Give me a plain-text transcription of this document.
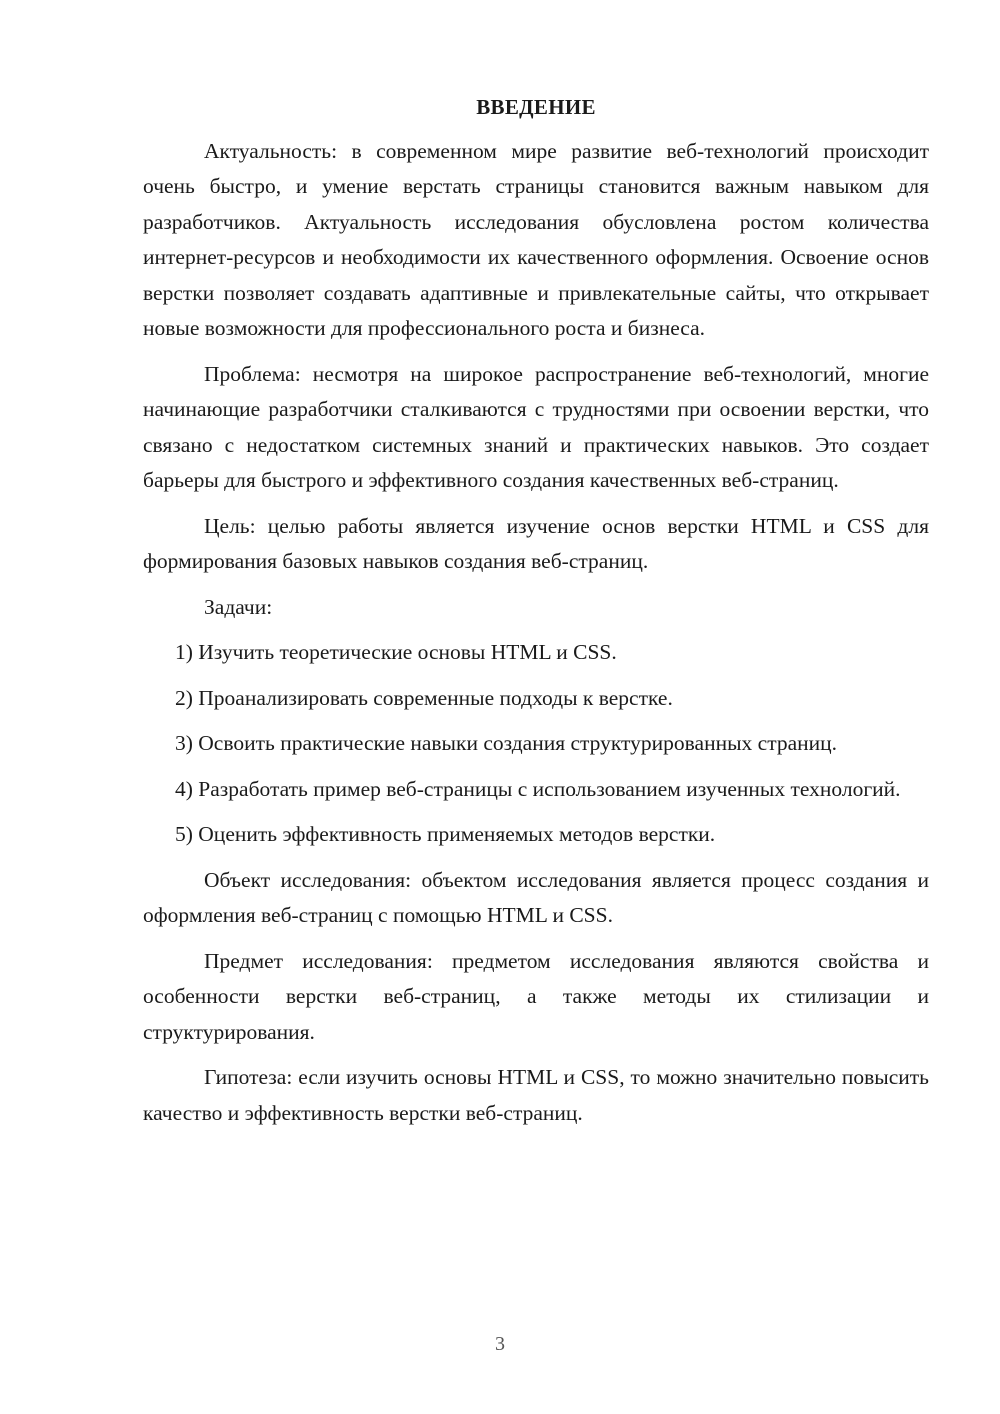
ВВЕДЕНИЕ

Актуальность: в современном мире развитие веб-технологий происходит очень быстро, и умение верстать страницы становится важным навыком для разработчиков. Актуальность исследования обусловлена ростом количества интернет-ресурсов и необходимости их качественного оформления. Освоение основ верстки позволяет создавать адаптивные и привлекательные сайты, что открывает новые возможности для профессионального роста и бизнеса.

Проблема: несмотря на широкое распространение веб-технологий, многие начинающие разработчики сталкиваются с трудностями при освоении верстки, что связано с недостатком системных знаний и практических навыков. Это создает барьеры для быстрого и эффективного создания качественных веб-страниц.

Цель: целью работы является изучение основ верстки HTML и CSS для формирования базовых навыков создания веб-страниц.

Задачи:

1) Изучить теоретические основы HTML и CSS.

2) Проанализировать современные подходы к верстке.

3) Освоить практические навыки создания структурированных страниц.

4) Разработать пример веб-страницы с использованием изученных технологий.

5) Оценить эффективность применяемых методов верстки.

Объект исследования: объектом исследования является процесс создания и оформления веб-страниц с помощью HTML и CSS.

Предмет исследования: предметом исследования являются свойства и особенности верстки веб-страниц, а также методы их стилизации и структурирования.

Гипотеза: если изучить основы HTML и CSS, то можно значительно повысить качество и эффективность верстки веб-страниц.

3
